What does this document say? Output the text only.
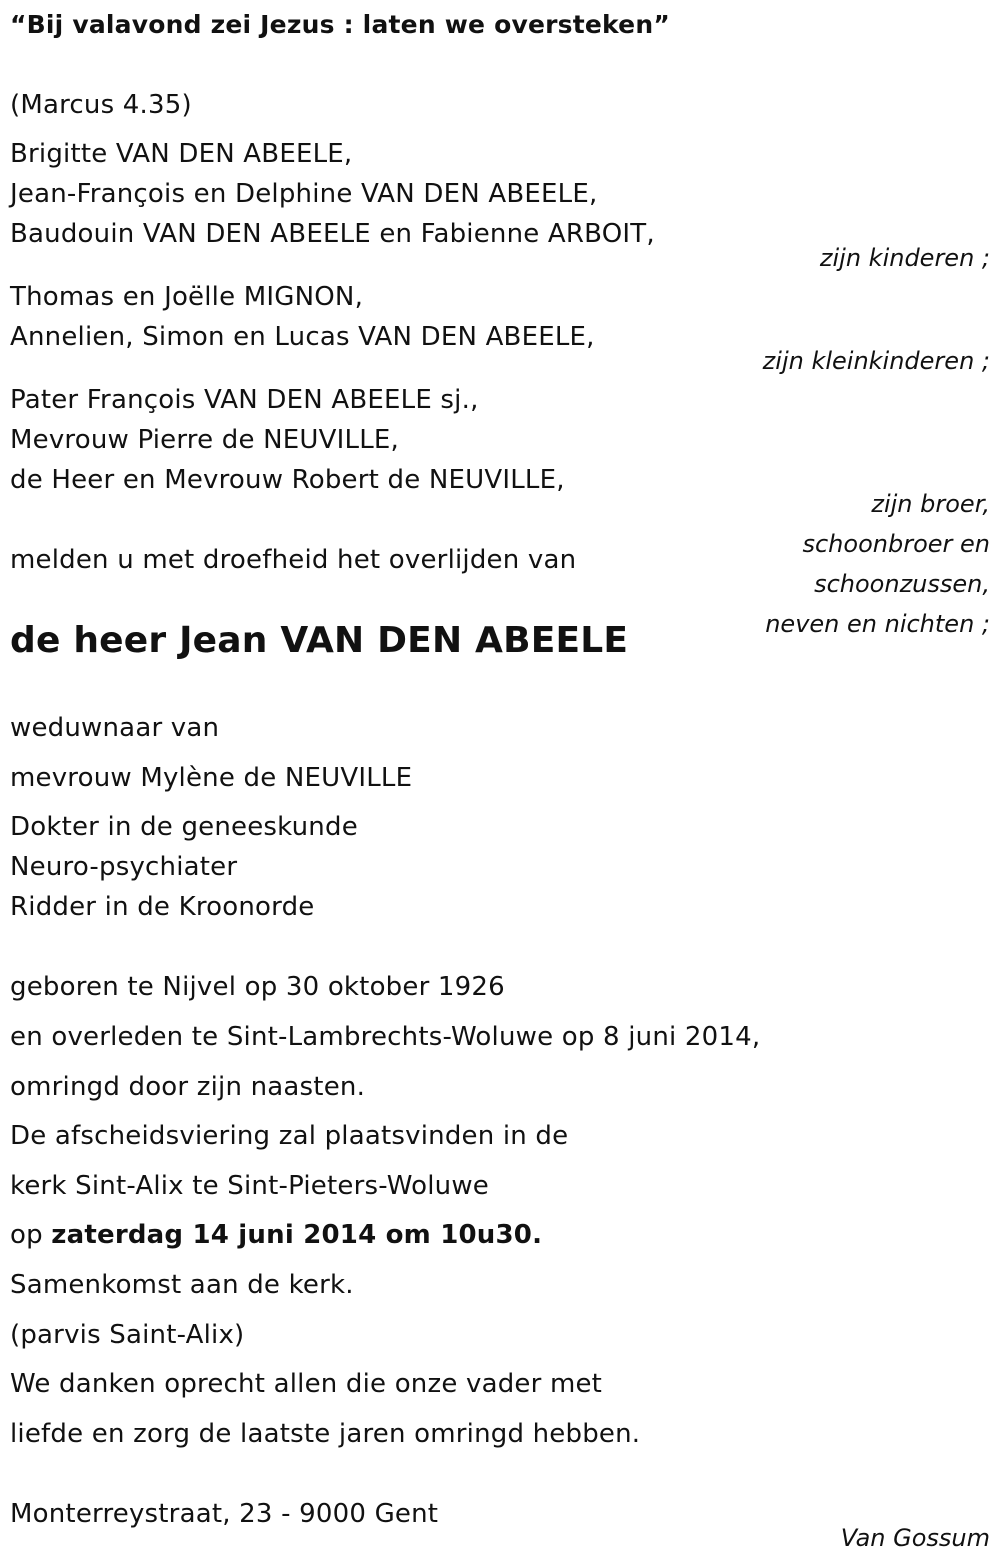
“Bij valavond zei Jezus : laten we oversteken”
(Marcus 4.35)
Brigitte VAN DEN ABEELE,
Jean-François en Delphine VAN DEN ABEELE,
Baudouin VAN DEN ABEELE en Fabienne ARBOIT,
zijn kinderen ;
Thomas en Joëlle MIGNON,
Annelien, Simon en Lucas VAN DEN ABEELE,
zijn kleinkinderen ;
Pater François VAN DEN ABEELE sj.,
Mevrouw Pierre de NEUVILLE,
de Heer en Mevrouw Robert de NEUVILLE,
zijn broer,
schoonbroer en
schoonzussen,
neven en nichten ;
melden u met droefheid het overlijden van
de heer Jean VAN DEN ABEELE
weduwnaar van
mevrouw Mylène de NEUVILLE
Dokter in de geneeskunde
Neuro-psychiater
Ridder in de Kroonorde
geboren te Nijvel op 30 oktober 1926
en overleden te Sint-Lambrechts-Woluwe op 8 juni 2014,
omringd door zijn naasten.
De afscheidsviering zal plaatsvinden in de
kerk Sint-Alix te Sint-Pieters-Woluwe
op zaterdag 14 juni 2014 om 10u30.
Samenkomst aan de kerk.
(parvis Saint-Alix)
We danken oprecht allen die onze vader met
liefde en zorg de laatste jaren omringd hebben.
Monterreystraat, 23 - 9000 Gent
Van Gossum
